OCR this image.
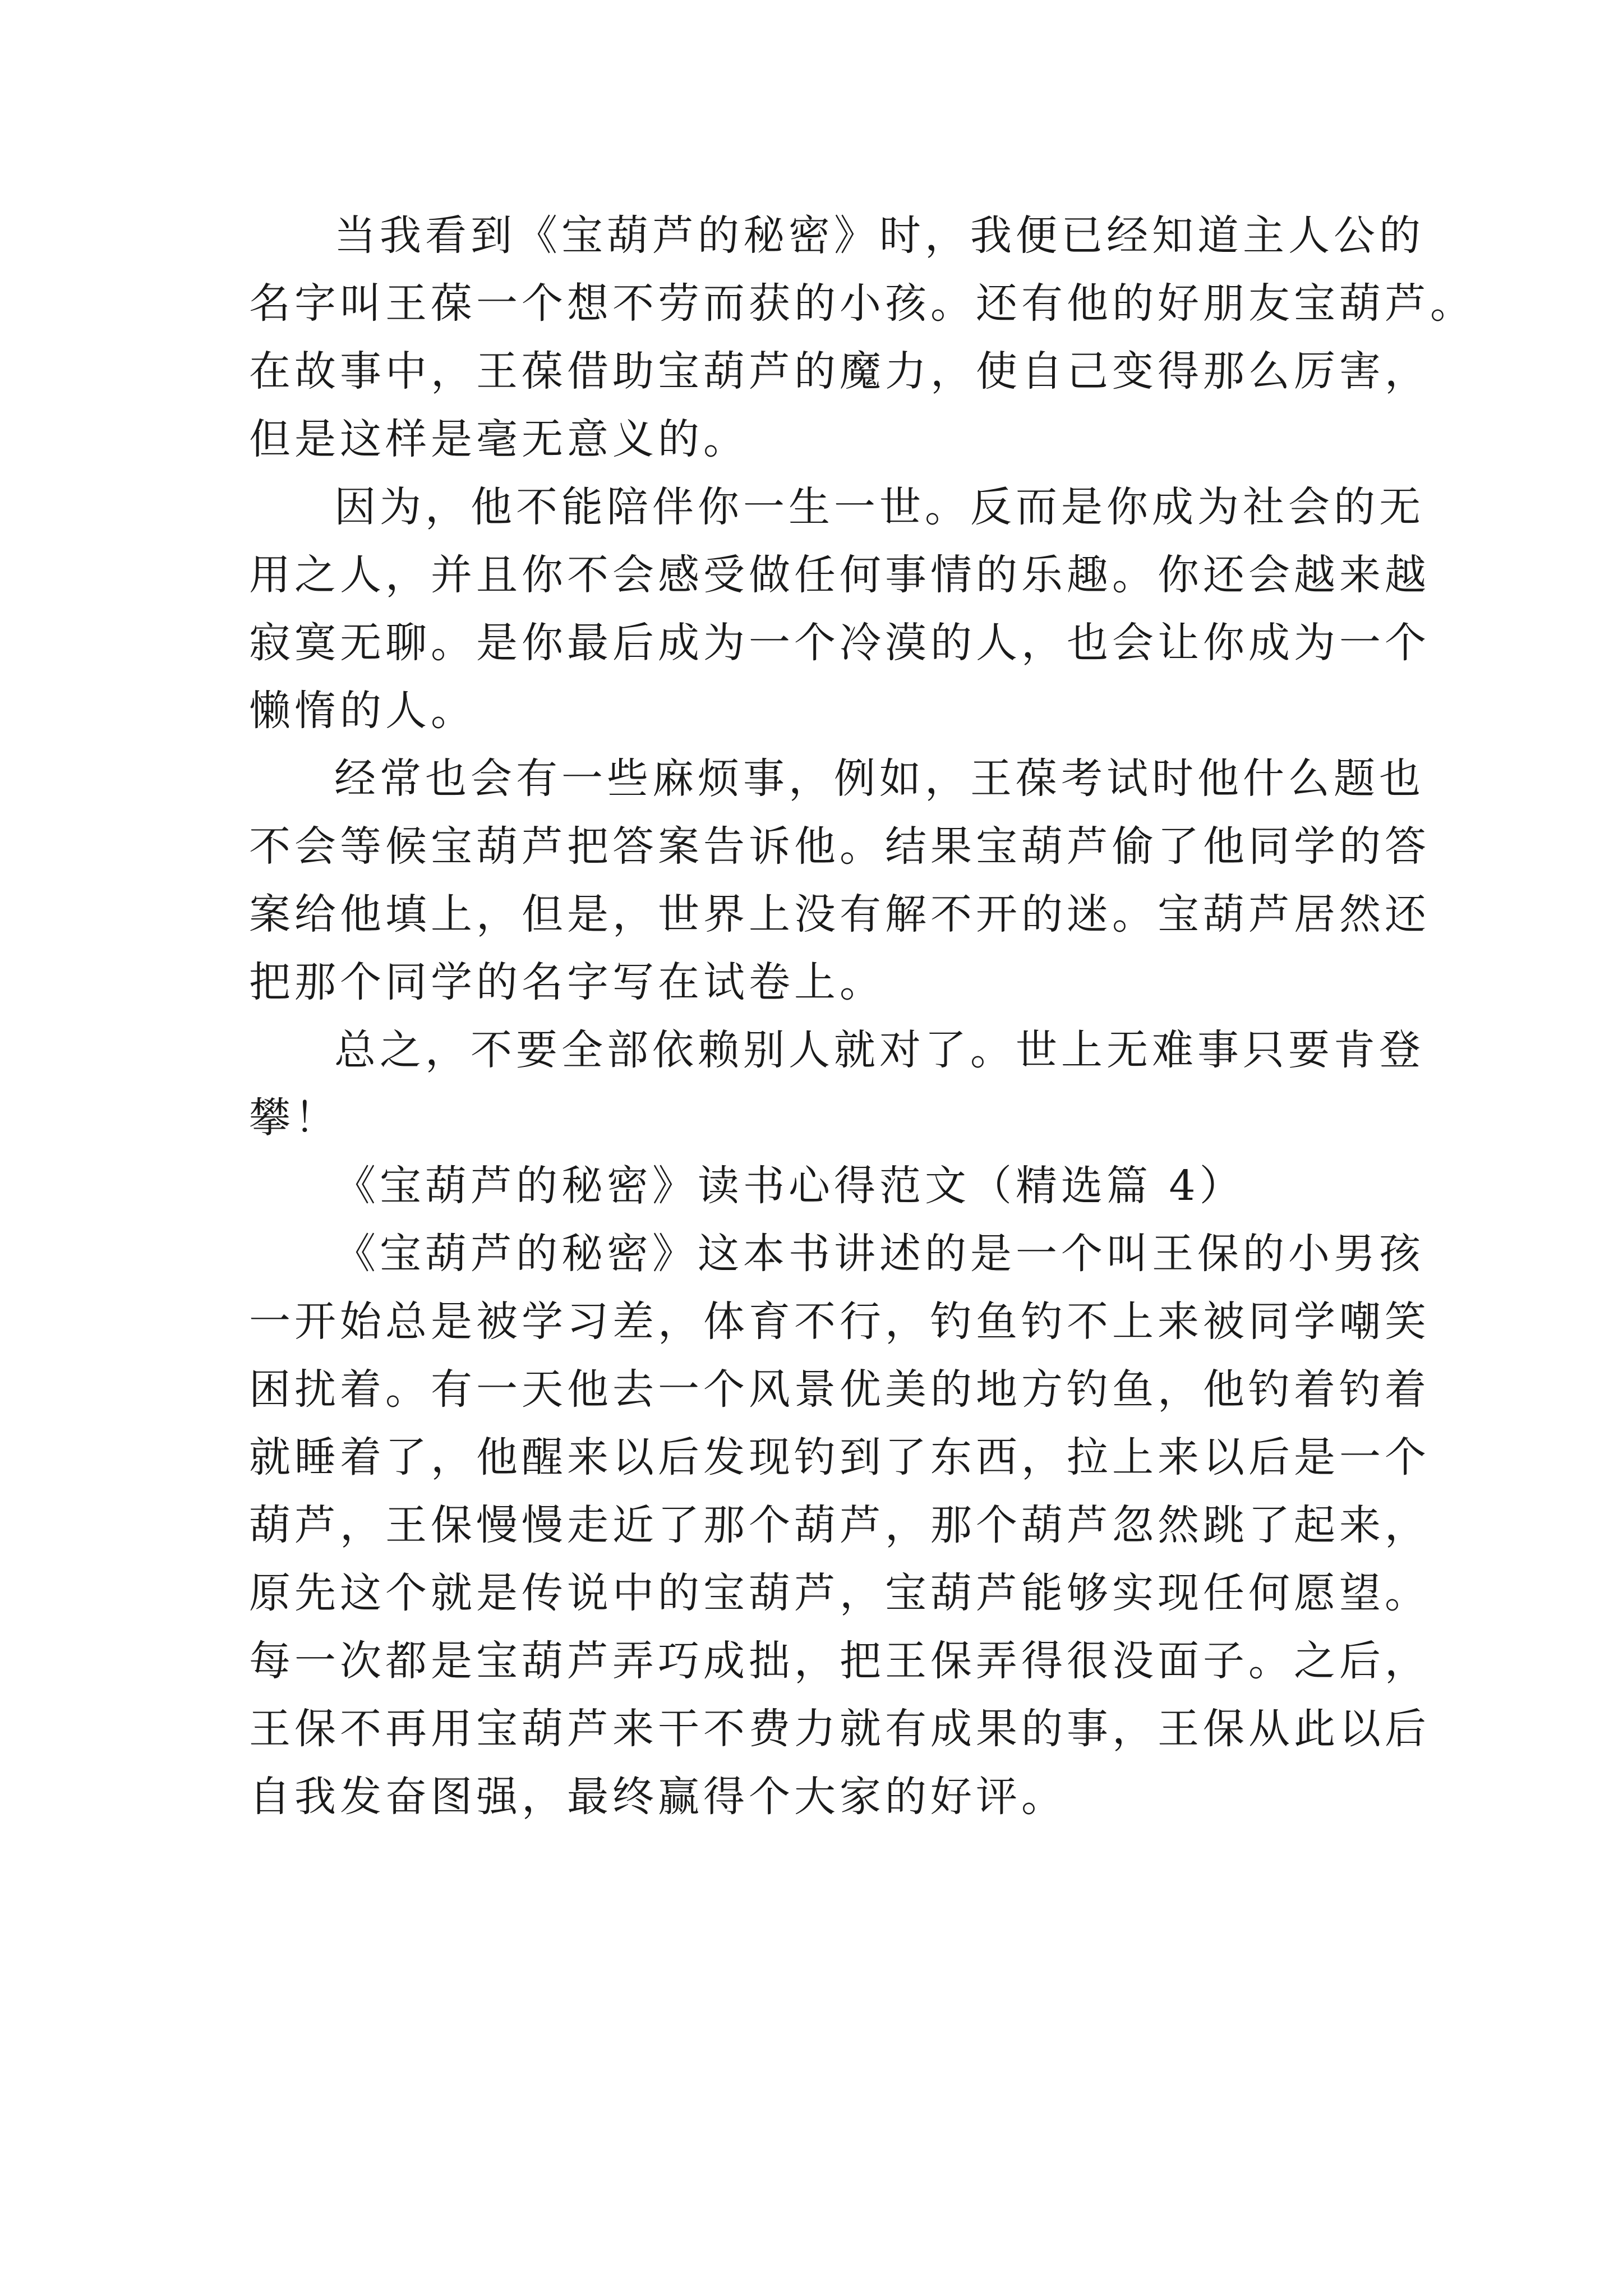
当我看到《宝葫芦的秘密》时，我便已经知道主人公的
名字叫王葆一个想不劳而获的小孩。还有他的好朋友宝葫芦。
在故事中，王葆借助宝葫芦的魔力，使自己变得那么厉害，
但是这样是毫无意义的。
因为，他不能陪伴你一生一世。反而是你成为社会的无
用之人，并且你不会感受做任何事情的乐趣。你还会越来越
寂寞无聊。是你最后成为一个冷漠的人，也会让你成为一个
懒惰的人。
经常也会有一些麻烦事，例如，王葆考试时他什么题也
不会等候宝葫芦把答案告诉他。结果宝葫芦偷了他同学的答
案给他填上，但是，世界上没有解不开的迷。宝葫芦居然还
把那个同学的名字写在试卷上。
总之，不要全部依赖别人就对了。世上无难事只要肯登
攀！
《宝葫芦的秘密》读书心得范文（精选篇 4）
《宝葫芦的秘密》这本书讲述的是一个叫王保的小男孩
一开始总是被学习差，体育不行，钓鱼钓不上来被同学嘲笑
困扰着。有一天他去一个风景优美的地方钓鱼，他钓着钓着
就睡着了，他醒来以后发现钓到了东西，拉上来以后是一个
葫芦，王保慢慢走近了那个葫芦，那个葫芦忽然跳了起来，
原先这个就是传说中的宝葫芦，宝葫芦能够实现任何愿望。
每一次都是宝葫芦弄巧成拙，把王保弄得很没面子。之后，
王保不再用宝葫芦来干不费力就有成果的事，王保从此以后
自我发奋图强，最终赢得个大家的好评。
